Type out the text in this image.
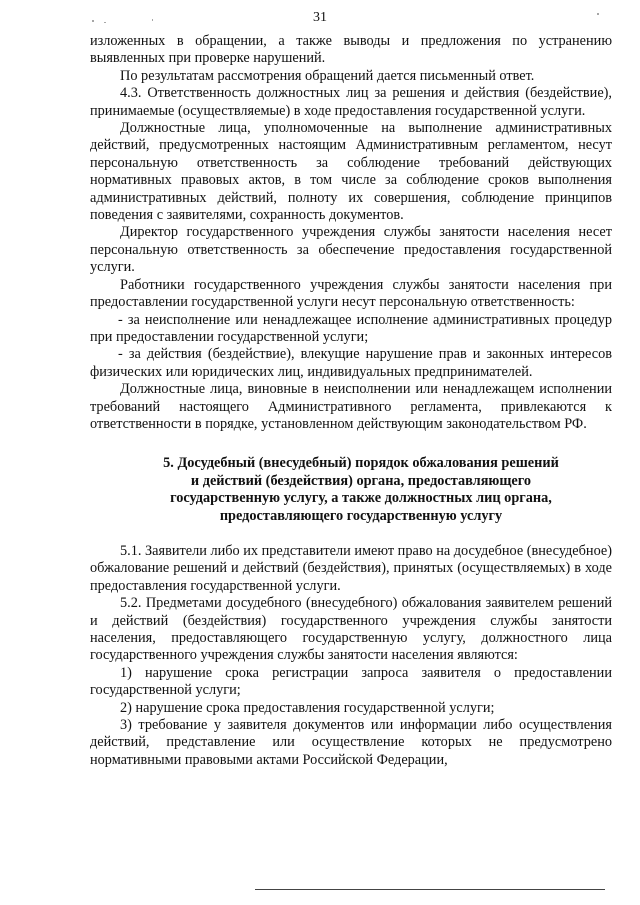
31

изложенных в обращении, а также выводы и предложения по устранению выявленных при проверке нарушений.

По результатам рассмотрения обращений дается письменный ответ.

4.3. Ответственность должностных лиц за решения и действия (бездействие), принимаемые (осуществляемые) в ходе предоставления государственной услуги.

Должностные лица, уполномоченные на выполнение административных действий, предусмотренных настоящим Административным регламентом, несут персональную ответственность за соблюдение требований действующих нормативных правовых актов, в том числе за соблюдение сроков выполнения административных действий, полноту их совершения, соблюдение принципов поведения с заявителями, сохранность документов.

Директор государственного учреждения службы занятости населения несет персональную ответственность за обеспечение предоставления государственной услуги.

Работники государственного учреждения службы занятости населения при предоставлении государственной услуги несут персональную ответственность:

- за неисполнение или ненадлежащее исполнение административных процедур при предоставлении государственной услуги;

- за действия (бездействие), влекущие нарушение прав и законных интересов физических или юридических лиц, индивидуальных предпринимателей.

Должностные лица, виновные в неисполнении или ненадлежащем исполнении требований настоящего Административного регламента, привлекаются к ответственности в порядке, установленном действующим законодательством РФ.

5. Досудебный (внесудебный) порядок обжалования решений
и действий (бездействия) органа, предоставляющего
государственную услугу, а также должностных лиц органа,
предоставляющего государственную услугу

5.1. Заявители либо их представители имеют право на досудебное (внесудебное) обжалование решений и действий (бездействия), принятых (осуществляемых) в ходе предоставления государственной услуги.

5.2. Предметами досудебного (внесудебного) обжалования заявителем решений и действий (бездействия) государственного учреждения службы занятости населения, предоставляющего государственную услугу, должностного лица государственного учреждения службы занятости населения являются:

1) нарушение срока регистрации запроса заявителя о предоставлении государственной услуги;

2) нарушение срока предоставления государственной услуги;

3) требование у заявителя документов или информации либо осуществления действий, представление или осуществление которых не предусмотрено нормативными правовыми актами Российской Федерации,
